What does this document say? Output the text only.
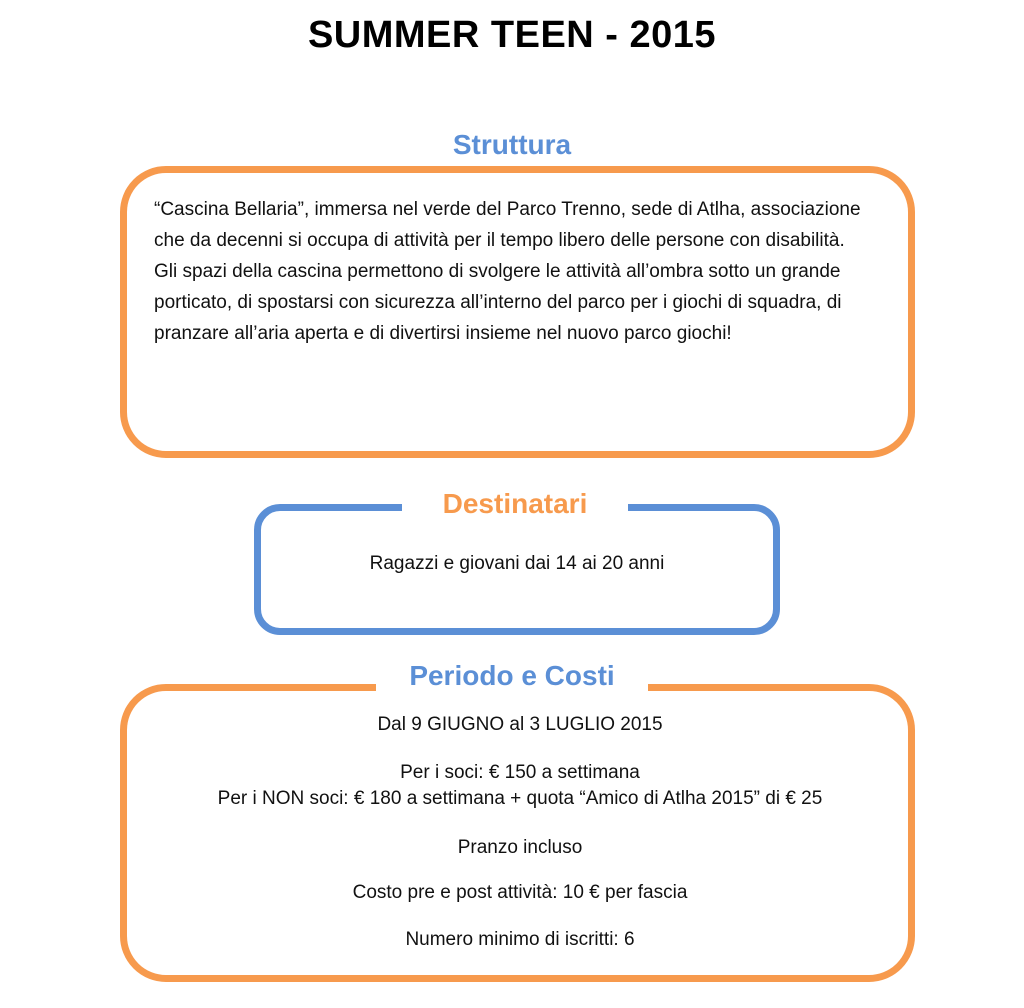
SUMMER TEEN - 2015
Struttura

“Cascina Bellaria”, immersa nel verde del Parco Trenno, sede di Atlha, associazione che da decenni si occupa di attività per il tempo libero delle persone con disabilità.

Gli spazi della cascina permettono di svolgere le attività all’ombra sotto un grande porticato, di spostarsi con sicurezza all’interno del parco per i giochi di squadra, di pranzare all’aria aperta e di divertirsi insieme nel nuovo parco giochi!

Destinatari

Ragazzi e giovani dai 14 ai 20 anni

Periodo e Costi

Dal 9 GIUGNO al 3 LUGLIO 2015

Per i soci: € 150 a settimana

Per i NON soci: € 180 a settimana + quota “Amico di Atlha 2015” di € 25

Pranzo incluso

Costo pre e post attività: 10 € per fascia

Numero minimo di iscritti: 6
